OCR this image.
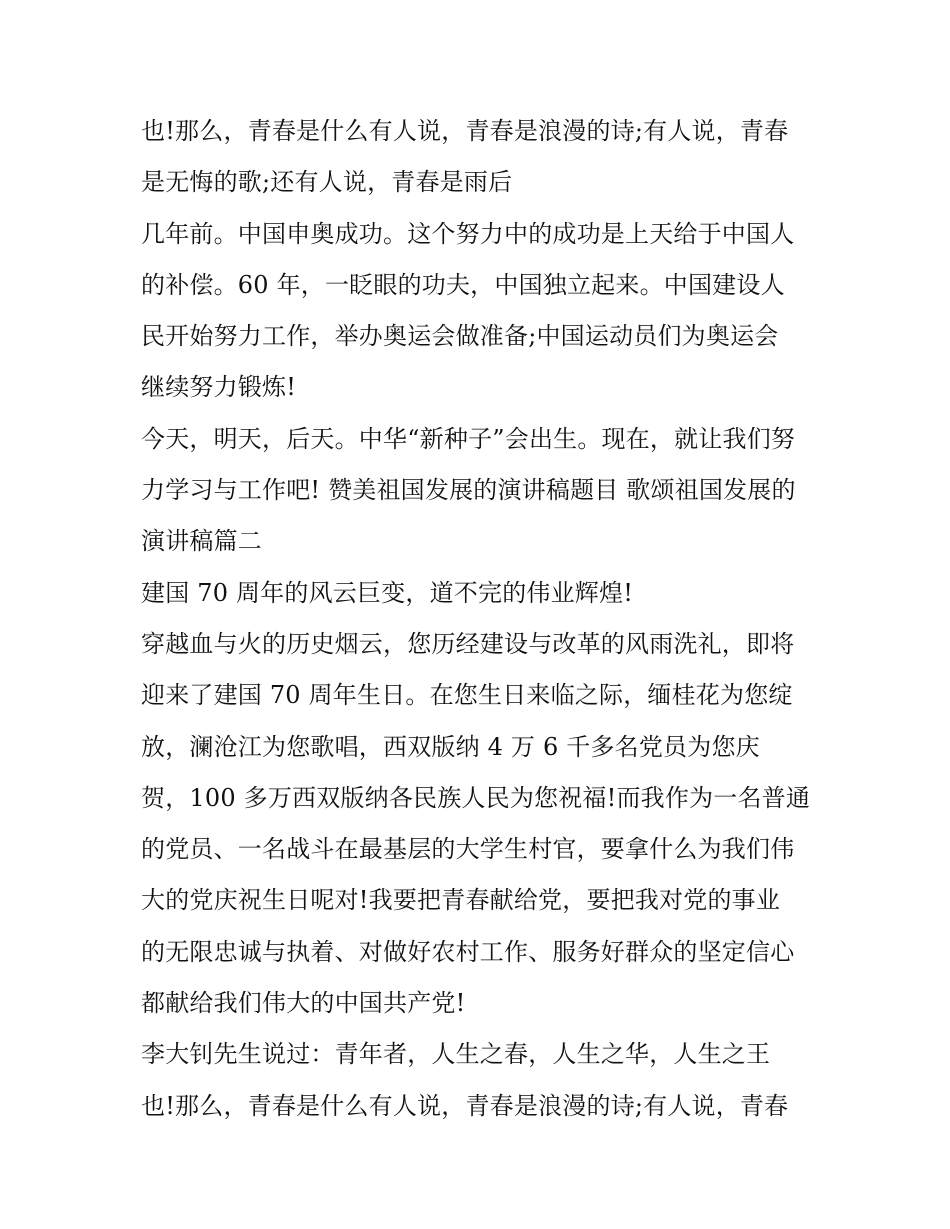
也!那么，青春是什么有人说，青春是浪漫的诗;有人说，青春
是无悔的歌;还有人说，青春是雨后
几年前。中国申奥成功。这个努力中的成功是上天给于中国人
的补偿。60 年，一眨眼的功夫，中国独立起来。中国建设人
民开始努力工作，举办奥运会做准备;中国运动员们为奥运会
继续努力锻炼!
今天，明天，后天。中华“新种子”会出生。现在，就让我们努
力学习与工作吧! 赞美祖国发展的演讲稿题目 歌颂祖国发展的
演讲稿篇二
建国 70 周年的风云巨变，道不完的伟业辉煌!
穿越血与火的历史烟云，您历经建设与改革的风雨洗礼，即将
迎来了建国 70 周年生日。在您生日来临之际，缅桂花为您绽
放，澜沧江为您歌唱，西双版纳 4 万 6 千多名党员为您庆
贺，100 多万西双版纳各民族人民为您祝福!而我作为一名普通
的党员、一名战斗在最基层的大学生村官，要拿什么为我们伟
大的党庆祝生日呢对!我要把青春献给党，要把我对党的事业
的无限忠诚与执着、对做好农村工作、服务好群众的坚定信心
都献给我们伟大的中国共产党!
李大钊先生说过：青年者，人生之春，人生之华，人生之王
也!那么，青春是什么有人说，青春是浪漫的诗;有人说，青春
